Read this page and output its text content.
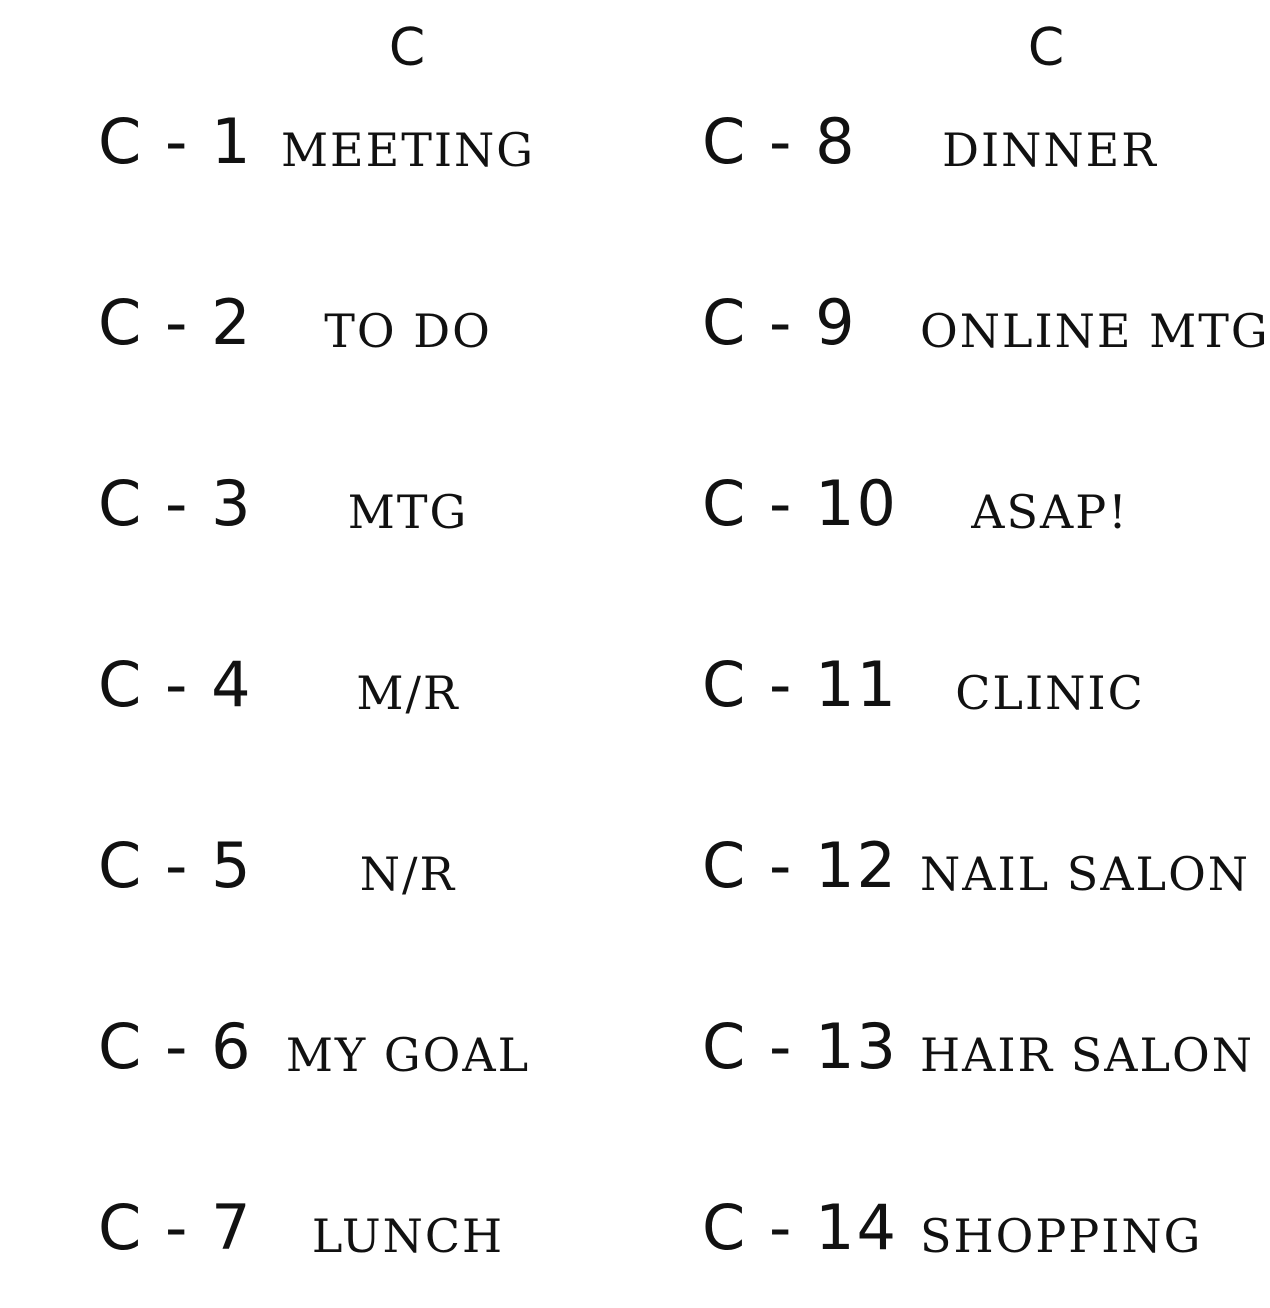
C	C
C - 1 MEETING
C - 2	TO DO
C - 3	MTG
C - 4	M/R
C - 5	N/R
C - 6 MY GOAL
C - 7	LUNCH
C - 8	DINNER
C - 9 ONLINE MTG
C - 10	ASAP!
C - 11	CLINIC
C - 12 NAIL SALON
C - 13 HAIR SALON
C - 14 SHOPPING
